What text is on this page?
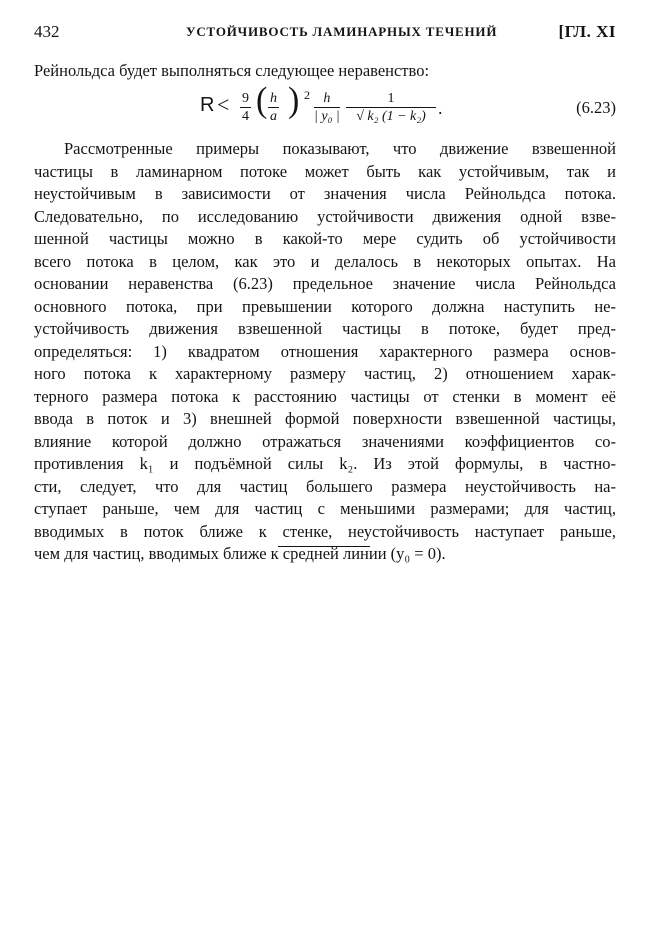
432	УСТОЙЧИВОСТЬ ЛАМИНАРНЫХ ТЕЧЕНИЙ	[ГЛ. XI
Рейнольдса будет выполняться следующее неравенство:
$R < \frac{9}{4}$ ( $\frac{h}{a}$ ) $2 \frac{h}{\text{| y₀ |}} \frac{1}{\text{√ k₂ (1 − k₂)}}$ .	(6.23)
Рассмотренные примеры показывают, что движение взвешенной
частицы в ламинарном потоке может быть как устойчивым, так и
неустойчивым в зависимости от значения числа Рейнольдса потока.
Следовательно, по исследованию устойчивости движения одной взве-
шенной частицы можно в какой-то мере судить об устойчивости
всего потока в целом, как это и делалось в некоторых опытах. На
основании неравенства (6.23) предельное значение числа Рейнольдса
основного потока, при превышении которого должна наступить не-
устойчивость движения взвешенной частицы в потоке, будет пред-
определяться: 1) квадратом отношения характерного размера основ-
ного потока к характерному размеру частиц, 2) отношением харак-
терного размера потока к расстоянию частицы от стенки в момент её
ввода в поток и 3) внешней формой поверхности взвешенной частицы,
влияние которой должно отражаться значениями коэффициентов со-
противления k₁ и подъёмной силы k₂. Из этой формулы, в частно-
сти, следует, что для частиц большего размера неустойчивость на-
ступает раньше, чем для частиц с меньшими размерами; для частиц,
вводимых в поток ближе к стенке, неустойчивость наступает раньше,
чем для частиц, вводимых ближе к средней линии (y₀ = 0).
